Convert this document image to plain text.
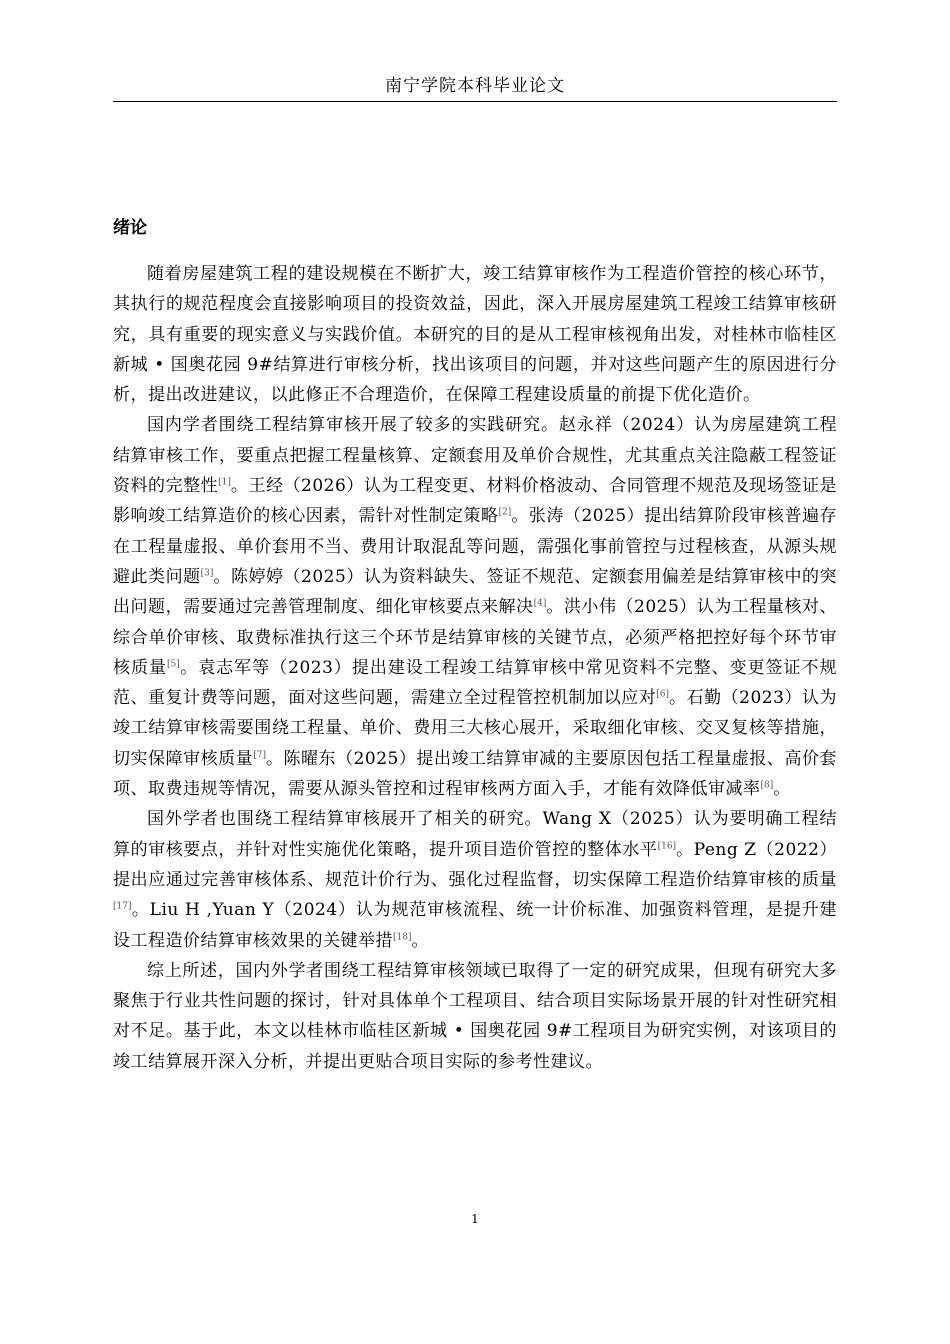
南宁学院本科毕业论文
绪论

随着房屋建筑工程的建设规模在不断扩大，竣工结算审核作为工程造价管控的核心环节，其执行的规范程度会直接影响项目的投资效益，因此，深入开展房屋建筑工程竣工结算审核研究，具有重要的现实意义与实践价值。本研究的目的是从工程审核视角出发，对桂林市临桂区新城 • 国奥花园 9#结算进行审核分析，找出该项目的问题，并对这些问题产生的原因进行分析，提出改进建议，以此修正不合理造价，在保障工程建设质量的前提下优化造价。

国内学者围绕工程结算审核开展了较多的实践研究。赵永祥（2024）认为房屋建筑工程结算审核工作，要重点把握工程量核算、定额套用及单价合规性，尤其重点关注隐蔽工程签证资料的完整性[1]。王经（2026）认为工程变更、材料价格波动、合同管理不规范及现场签证是影响竣工结算造价的核心因素，需针对性制定策略[2]。张涛（2025）提出结算阶段审核普遍存在工程量虚报、单价套用不当、费用计取混乱等问题，需强化事前管控与过程核查，从源头规避此类问题[3]。陈婷婷（2025）认为资料缺失、签证不规范、定额套用偏差是结算审核中的突出问题，需要通过完善管理制度、细化审核要点来解决[4]。洪小伟（2025）认为工程量核对、综合单价审核、取费标准执行这三个环节是结算审核的关键节点，必须严格把控好每个环节审核质量[5]。袁志军等（2023）提出建设工程竣工结算审核中常见资料不完整、变更签证不规范、重复计费等问题，面对这些问题，需建立全过程管控机制加以应对[6]。石勤（2023）认为竣工结算审核需要围绕工程量、单价、费用三大核心展开，采取细化审核、交叉复核等措施，切实保障审核质量[7]。陈曜东（2025）提出竣工结算审减的主要原因包括工程量虚报、高价套项、取费违规等情况，需要从源头管控和过程审核两方面入手，才能有效降低审减率[8]。

国外学者也围绕工程结算审核展开了相关的研究。Wang X（2025）认为要明确工程结算的审核要点，并针对性实施优化策略，提升项目造价管控的整体水平[16]。Peng Z（2022）提出应通过完善审核体系、规范计价行为、强化过程监督，切实保障工程造价结算审核的质量[17]。Liu H ,Yuan Y（2024）认为规范审核流程、统一计价标准、加强资料管理，是提升建设工程造价结算审核效果的关键举措[18]。

综上所述，国内外学者围绕工程结算审核领域已取得了一定的研究成果，但现有研究大多聚焦于行业共性问题的探讨，针对具体单个工程项目、结合项目实际场景开展的针对性研究相对不足。基于此，本文以桂林市临桂区新城 • 国奥花园 9#工程项目为研究实例，对该项目的竣工结算展开深入分析，并提出更贴合项目实际的参考性建议。

1
